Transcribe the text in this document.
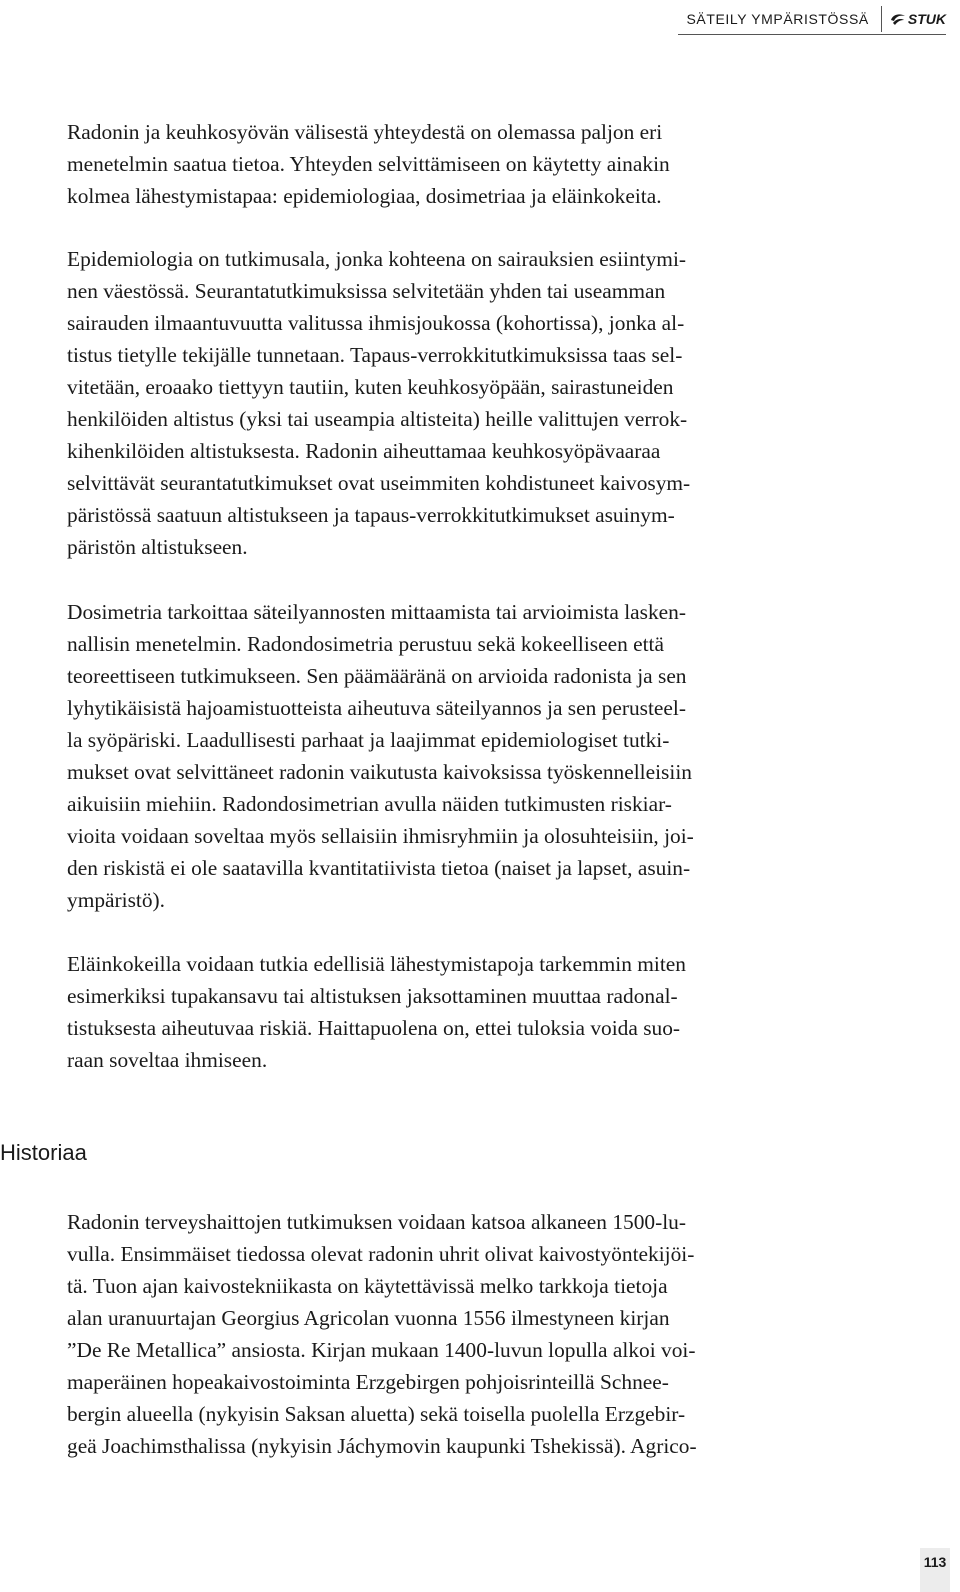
SÄTEILY YMPÄRISTÖSSÄ	STUK

Radonin ja keuhkosyövän välisestä yhteydestä on olemassa paljon eri
menetelmin saatua tietoa. Yhteyden selvittämiseen on käytetty ainakin
kolmea lähestymistapaa: epidemiologiaa, dosimetriaa ja eläinkokeita.

Epidemiologia on tutkimusala, jonka kohteena on sairauksien esiintymi-
nen väestössä. Seurantatutkimuksissa selvitetään yhden tai useamman
sairauden ilmaantuvuutta valitussa ihmisjoukossa (kohortissa), jonka al-
tistus tietylle tekijälle tunnetaan. Tapaus-verrokkitutkimuksissa taas sel-
vitetään, eroaako tiettyyn tautiin, kuten keuhkosyöpään, sairastuneiden
henkilöiden altistus (yksi tai useampia altisteita) heille valittujen verrok-
kihenkilöiden altistuksesta. Radonin aiheuttamaa keuhkosyöpävaaraa
selvittävät seurantatutkimukset ovat useimmiten kohdistuneet kaivosym-
päristössä saatuun altistukseen ja tapaus-verrokkitutkimukset asuinym-
päristön altistukseen.

Dosimetria tarkoittaa säteilyannosten mittaamista tai arvioimista lasken-
nallisin menetelmin. Radondosimetria perustuu sekä kokeelliseen että
teoreettiseen tutkimukseen. Sen päämääränä on arvioida radonista ja sen
lyhytikäisistä hajoamistuotteista aiheutuva säteilyannos ja sen perusteel-
la syöpäriski. Laadullisesti parhaat ja laajimmat epidemiologiset tutki-
mukset ovat selvittäneet radonin vaikutusta kaivoksissa työskennelleisiin
aikuisiin miehiin. Radondosimetrian avulla näiden tutkimusten riskiar-
vioita voidaan soveltaa myös sellaisiin ihmisryhmiin ja olosuhteisiin, joi-
den riskistä ei ole saatavilla kvantitatiivista tietoa (naiset ja lapset, asuin-
ympäristö).

Eläinkokeilla voidaan tutkia edellisiä lähestymistapoja tarkemmin miten
esimerkiksi tupakansavu tai altistuksen jaksottaminen muuttaa radonal-
tistuksesta aiheutuvaa riskiä. Haittapuolena on, ettei tuloksia voida suo-
raan soveltaa ihmiseen.

Historiaa

Radonin terveyshaittojen tutkimuksen voidaan katsoa alkaneen 1500-lu-
vulla. Ensimmäiset tiedossa olevat radonin uhrit olivat kaivostyöntekijöi-
tä. Tuon ajan kaivostekniikasta on käytettävissä melko tarkkoja tietoja
alan uranuurtajan Georgius Agricolan vuonna 1556 ilmestyneen kirjan
”De Re Metallica” ansiosta. Kirjan mukaan 1400-luvun lopulla alkoi voi-
maperäinen hopeakaivostoiminta Erzgebirgen pohjoisrinteillä Schnee-
bergin alueella (nykyisin Saksan aluetta) sekä toisella puolella Erzgebir-
geä Joachimsthalissa (nykyisin Jáchymovin kaupunki Tshekissä). Agrico-

113
